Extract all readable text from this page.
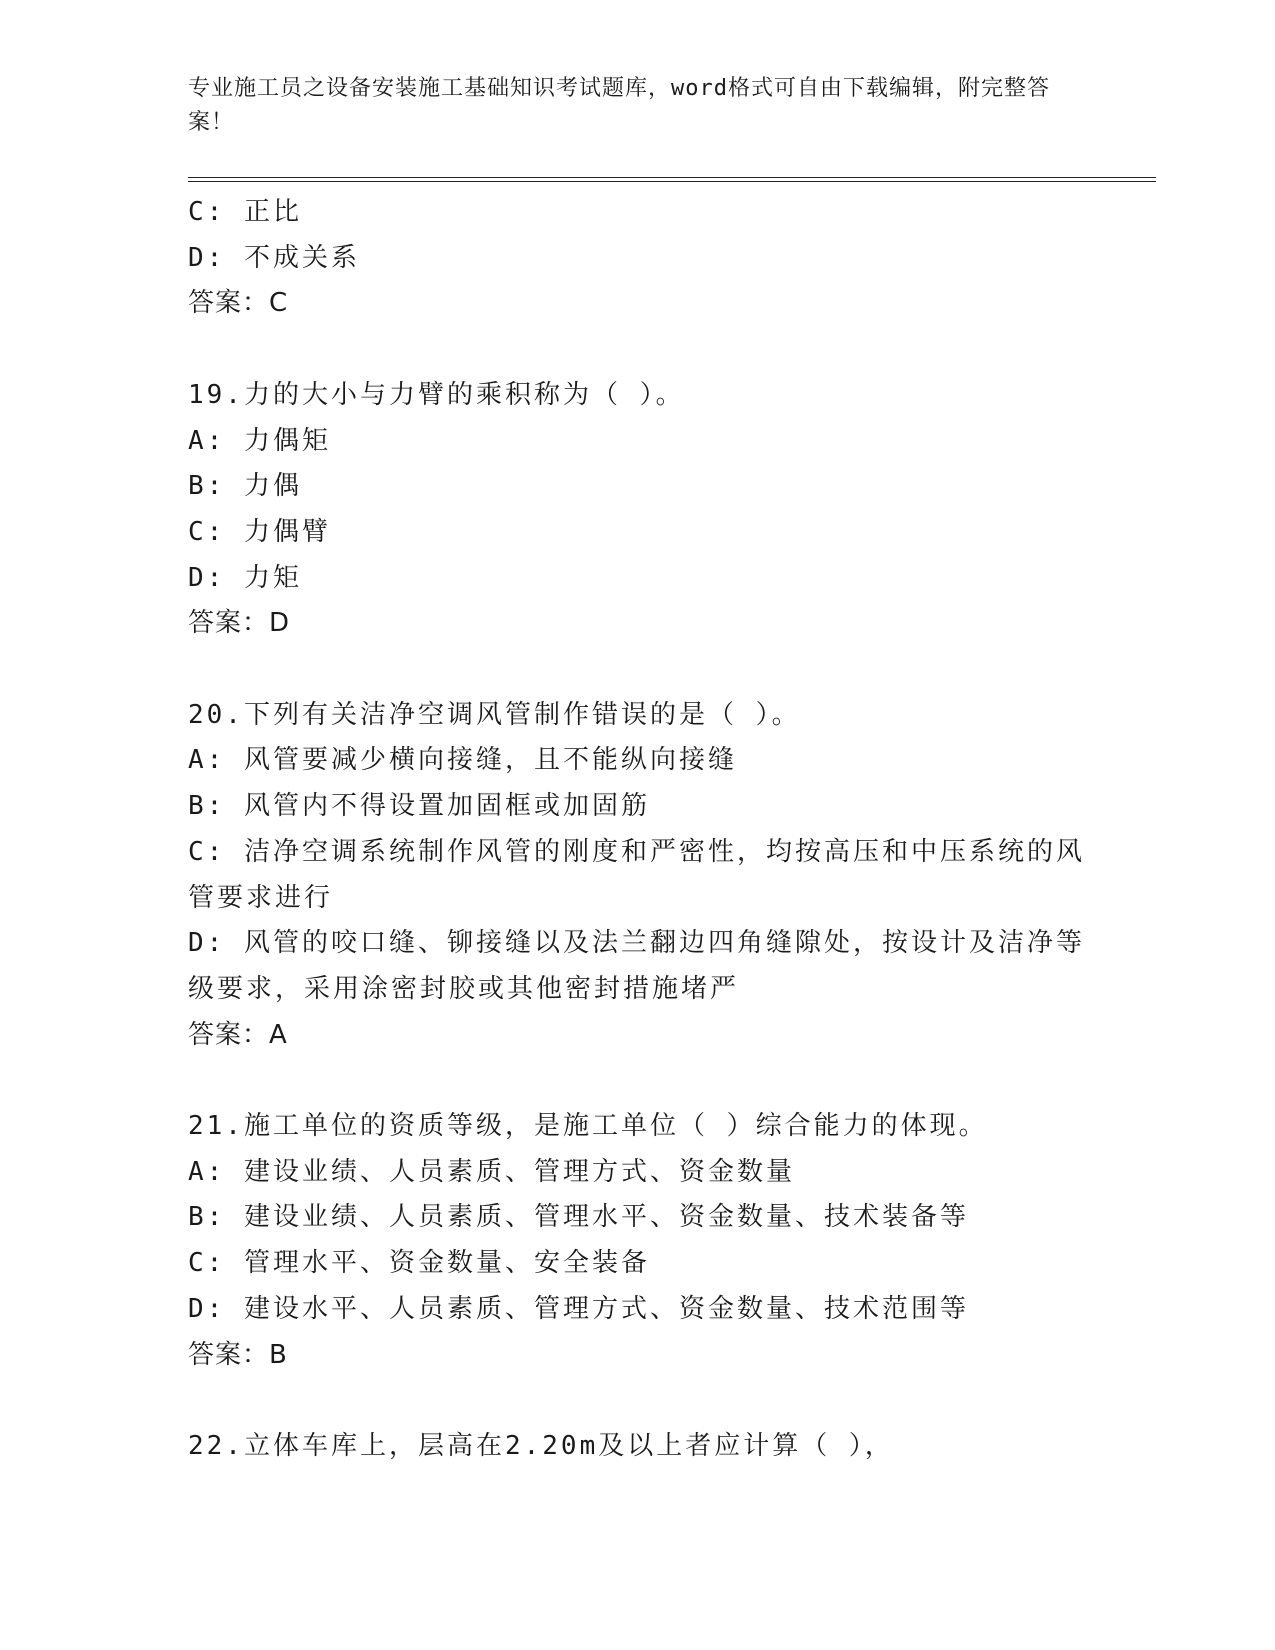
专业施工员之设备安装施工基础知识考试题库，word格式可自由下载编辑，附完整答案！
C: 正比
D: 不成关系
答案：C
19.力的大小与力臂的乘积称为（ ）。
A: 力偶矩
B: 力偶
C: 力偶臂
D: 力矩
答案：D
20.下列有关洁净空调风管制作错误的是（ ）。
A: 风管要减少横向接缝，且不能纵向接缝
B: 风管内不得设置加固框或加固筋
C: 洁净空调系统制作风管的刚度和严密性，均按高压和中压系统的风管要求进行
D: 风管的咬口缝、铆接缝以及法兰翻边四角缝隙处，按设计及洁净等级要求，采用涂密封胶或其他密封措施堵严
答案：A
21.施工单位的资质等级，是施工单位（ ）综合能力的体现。
A: 建设业绩、人员素质、管理方式、资金数量
B: 建设业绩、人员素质、管理水平、资金数量、技术装备等
C: 管理水平、资金数量、安全装备
D: 建设水平、人员素质、管理方式、资金数量、技术范围等
答案：B
22.立体车库上，层高在2.20m及以上者应计算（ ），
